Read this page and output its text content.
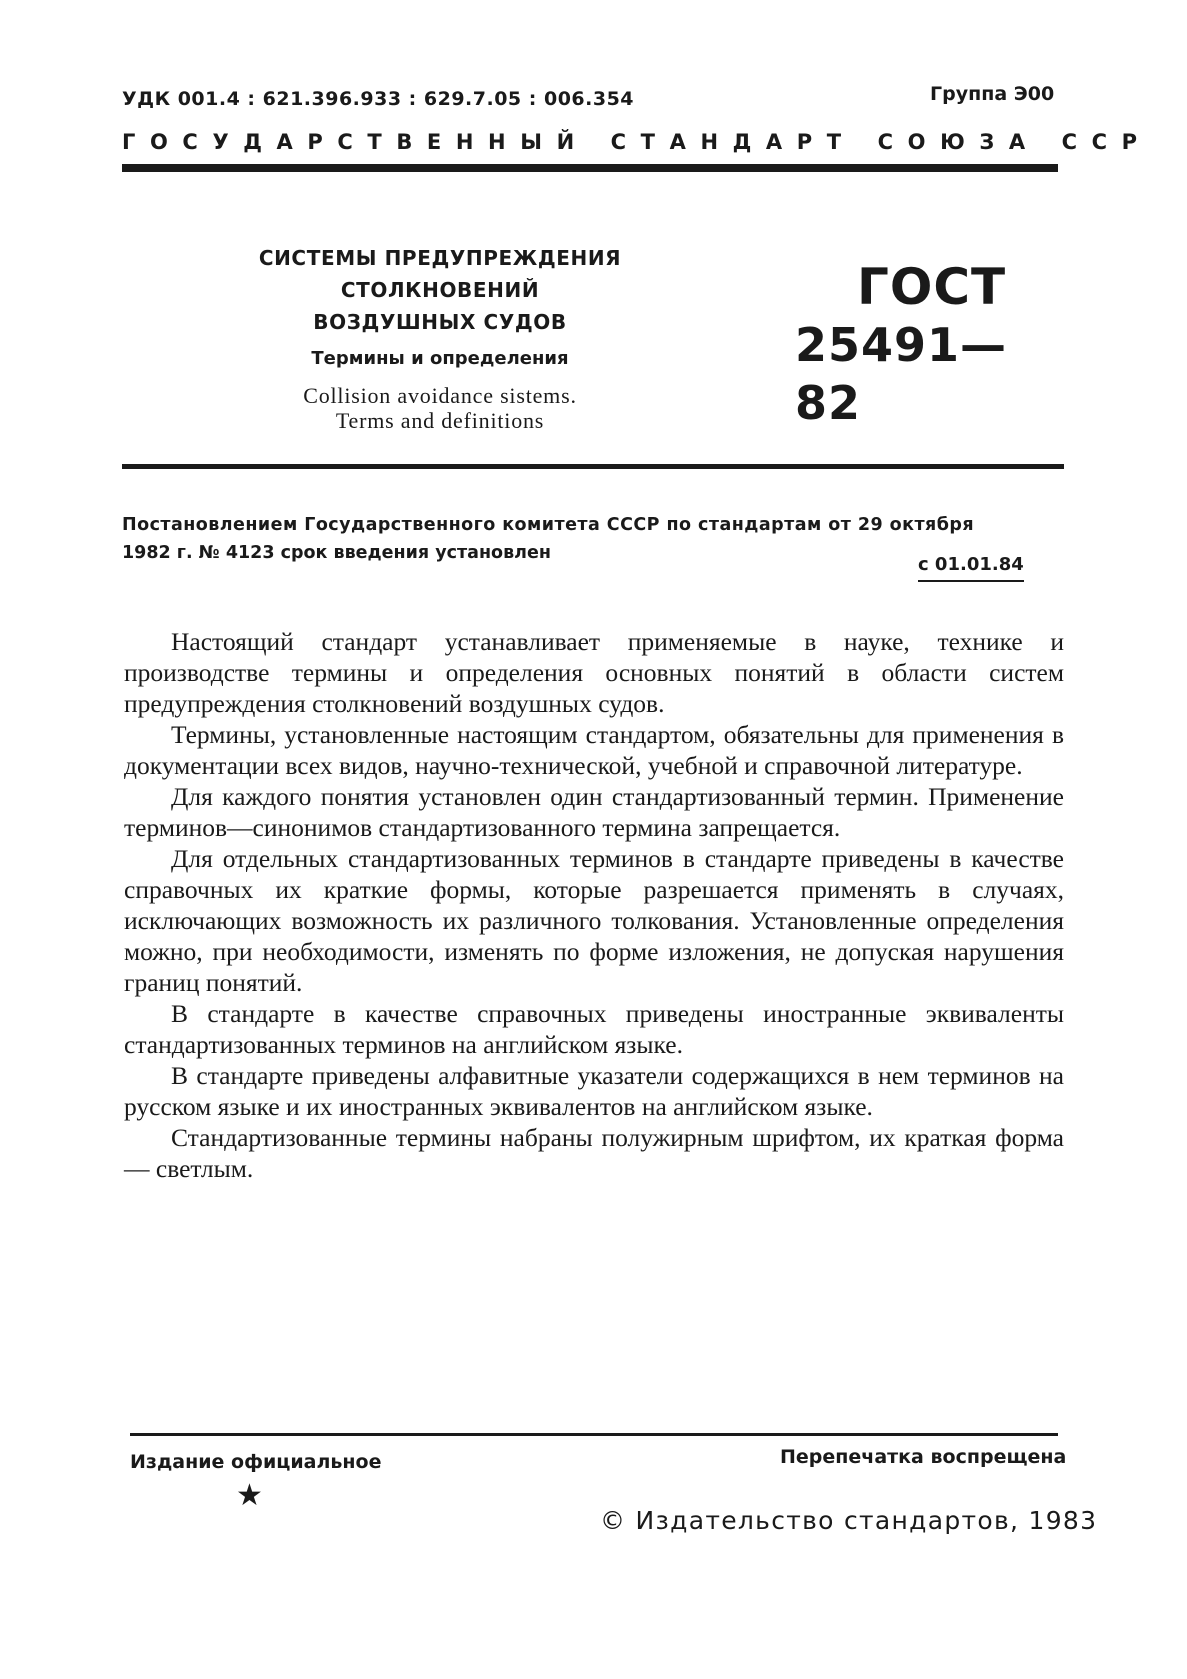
УДК 001.4 : 621.396.933 : 629.7.05 : 006.354	Группа Э00
ГОСУДАРСТВЕННЫЙ СТАНДАРТ СОЮЗА ССР
СИСТЕМЫ ПРЕДУПРЕЖДЕНИЯ СТОЛКНОВЕНИЙ
ВОЗДУШНЫХ СУДОВ
Термины и определения
Collision avoidance sistems.
Terms and definitions
ГОСТ
25491—82
Постановлением Государственного комитета СССР по стандартам от 29 октября
1982 г. № 4123 срок введения установлен
с 01.01.84

Настоящий стандарт устанавливает применяемые в науке, технике и производстве термины и определения основных понятий в области систем предупреждения столкновений воздушных судов.

Термины, установленные настоящим стандартом, обязательны для применения в документации всех видов, научно-технической, учебной и справочной литературе.

Для каждого понятия установлен один стандартизованный термин. Применение терминов—синонимов стандартизованного термина запрещается.

Для отдельных стандартизованных терминов в стандарте приведены в качестве справочных их краткие формы, которые разрешается применять в случаях, исключающих возможность их различного толкования. Установленные определения можно, при необходимости, изменять по форме изложения, не допуская нарушения границ понятий.

В стандарте в качестве справочных приведены иностранные эквиваленты стандартизованных терминов на английском языке.

В стандарте приведены алфавитные указатели содержащихся в нем терминов на русском языке и их иностранных эквивалентов на английском языке.

Стандартизованные термины набраны полужирным шрифтом, их краткая форма — светлым.

Издание официальное
★
Перепечатка воспрещена
© Издательство стандартов, 1983
